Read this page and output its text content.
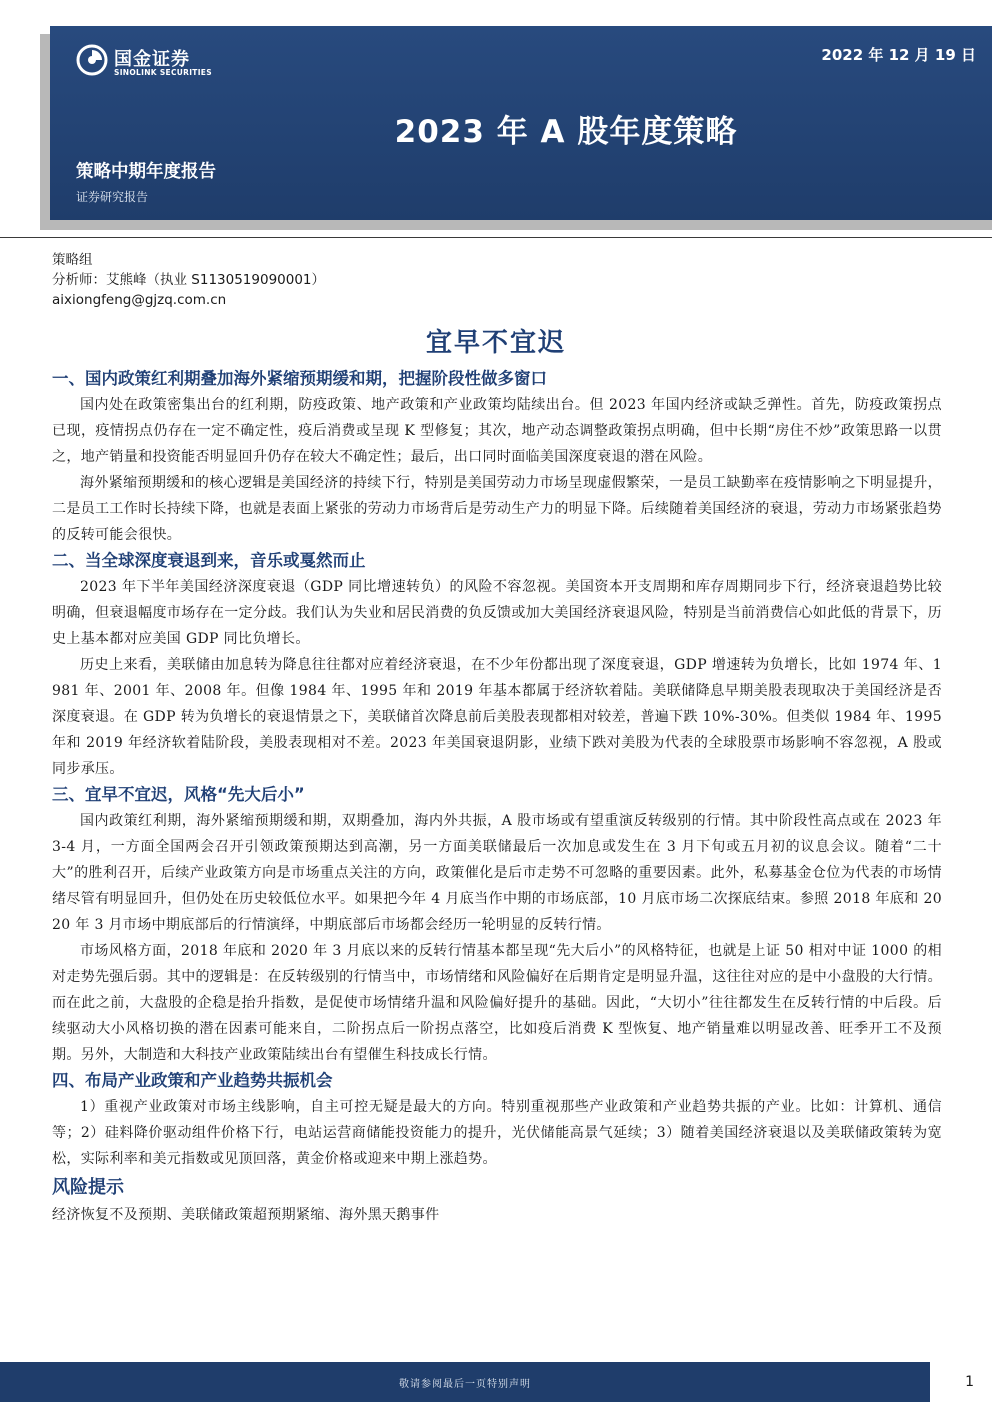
国金证券
SINOLINK SECURITIES
2022 年 12 月 19 日
2023 年 A 股年度策略
策略中期年度报告
证券研究报告
策略组
分析师：艾熊峰（执业 S1130519090001）
aixiongfeng@gjzq.com.cn
宜早不宜迟
一、国内政策红利期叠加海外紧缩预期缓和期，把握阶段性做多窗口

国内处在政策密集出台的红利期，防疫政策、地产政策和产业政策均陆续出台。但 2023 年国内经济或缺乏弹性。首先，防疫政策拐点已现，疫情拐点仍存在一定不确定性，疫后消费或呈现 K 型修复；其次，地产动态调整政策拐点明确，但中长期“房住不炒”政策思路一以贯之，地产销量和投资能否明显回升仍存在较大不确定性；最后，出口同时面临美国深度衰退的潜在风险。

海外紧缩预期缓和的核心逻辑是美国经济的持续下行，特别是美国劳动力市场呈现虚假繁荣，一是员工缺勤率在疫情影响之下明显提升，二是员工工作时长持续下降，也就是表面上紧张的劳动力市场背后是劳动生产力的明显下降。后续随着美国经济的衰退，劳动力市场紧张趋势的反转可能会很快。

二、当全球深度衰退到来，音乐或戛然而止

2023 年下半年美国经济深度衰退（GDP 同比增速转负）的风险不容忽视。美国资本开支周期和库存周期同步下行，经济衰退趋势比较明确，但衰退幅度市场存在一定分歧。我们认为失业和居民消费的负反馈或加大美国经济衰退风险，特别是当前消费信心如此低的背景下，历史上基本都对应美国 GDP 同比负增长。

历史上来看，美联储由加息转为降息往往都对应着经济衰退，在不少年份都出现了深度衰退，GDP 增速转为负增长，比如 1974 年、1981 年、2001 年、2008 年。但像 1984 年、1995 年和 2019 年基本都属于经济软着陆。美联储降息早期美股表现取决于美国经济是否深度衰退。在 GDP 转为负增长的衰退情景之下，美联储首次降息前后美股表现都相对较差，普遍下跌 10%-30%。但类似 1984 年、1995 年和 2019 年经济软着陆阶段，美股表现相对不差。2023 年美国衰退阴影，业绩下跌对美股为代表的全球股票市场影响不容忽视，A 股或同步承压。

三、宜早不宜迟，风格“先大后小”

国内政策红利期，海外紧缩预期缓和期，双期叠加，海内外共振，A 股市场或有望重演反转级别的行情。其中阶段性高点或在 2023 年 3-4 月，一方面全国两会召开引领政策预期达到高潮，另一方面美联储最后一次加息或发生在 3 月下旬或五月初的议息会议。随着“二十大”的胜利召开，后续产业政策方向是市场重点关注的方向，政策催化是后市走势不可忽略的重要因素。此外，私募基金仓位为代表的市场情绪尽管有明显回升，但仍处在历史较低位水平。如果把今年 4 月底当作中期的市场底部，10 月底市场二次探底结束。参照 2018 年底和 2020 年 3 月市场中期底部后的行情演绎，中期底部后市场都会经历一轮明显的反转行情。

市场风格方面，2018 年底和 2020 年 3 月底以来的反转行情基本都呈现“先大后小”的风格特征，也就是上证 50 相对中证 1000 的相对走势先强后弱。其中的逻辑是：在反转级别的行情当中，市场情绪和风险偏好在后期肯定是明显升温，这往往对应的是中小盘股的大行情。而在此之前，大盘股的企稳是抬升指数，是促使市场情绪升温和风险偏好提升的基础。因此，“大切小”往往都发生在反转行情的中后段。后续驱动大小风格切换的潜在因素可能来自，二阶拐点后一阶拐点落空，比如疫后消费 K 型恢复、地产销量难以明显改善、旺季开工不及预期。另外，大制造和大科技产业政策陆续出台有望催生科技成长行情。

四、布局产业政策和产业趋势共振机会

1）重视产业政策对市场主线影响，自主可控无疑是最大的方向。特别重视那些产业政策和产业趋势共振的产业。比如：计算机、通信等；2）硅料降价驱动组件价格下行，电站运营商储能投资能力的提升，光伏储能高景气延续；3）随着美国经济衰退以及美联储政策转为宽松，实际利率和美元指数或见顶回落，黄金价格或迎来中期上涨趋势。

风险提示

经济恢复不及预期、美联储政策超预期紧缩、海外黑天鹅事件

敬请参阅最后一页特别声明	1
